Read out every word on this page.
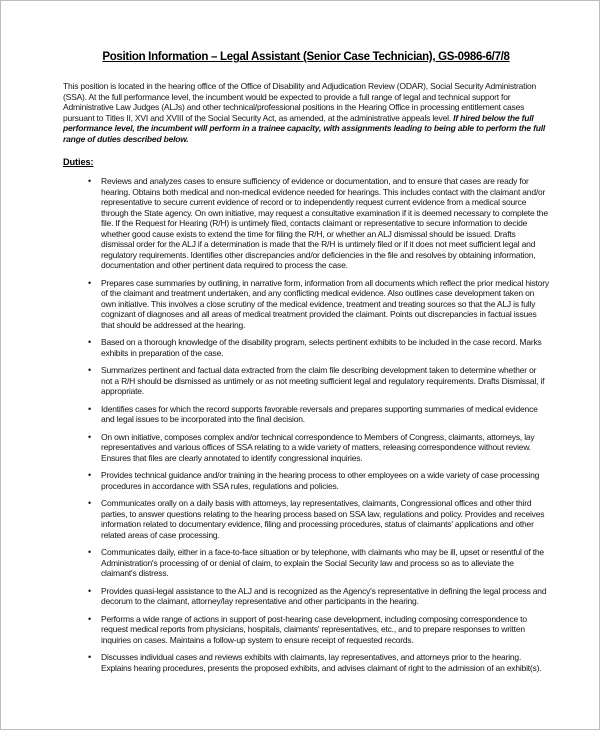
Position Information – Legal Assistant (Senior Case Technician), GS-0986-6/7/8

This position is located in the hearing office of the Office of Disability and Adjudication Review (ODAR), Social Security Administration (SSA). At the full performance level, the incumbent would be expected to provide a full range of legal and technical support for Administrative Law Judges (ALJs) and other technical/professional positions in the Hearing Office in processing entitlement cases pursuant to Titles II, XVI and XVIII of the Social Security Act, as amended, at the administrative appeals level. If hired below the full performance level, the incumbent will perform in a trainee capacity, with assignments leading to being able to perform the full range of duties described below.

Duties:
• Reviews and analyzes cases to ensure sufficiency of evidence or documentation, and to ensure that cases are ready for hearing. Obtains both medical and non-medical evidence needed for hearings. This includes contact with the claimant and/or representative to secure current evidence of record or to independently request current evidence from a medical source through the State agency. On own initiative, may request a consultative examination if it is deemed necessary to complete the file. If the Request for Hearing (R/H) is untimely filed, contacts claimant or representative to secure information to decide whether good cause exists to extend the time for filing the R/H, or whether an ALJ dismissal should be issued. Drafts dismissal order for the ALJ if a determination is made that the R/H is untimely filed or if it does not meet sufficient legal and regulatory requirements. Identifies other discrepancies and/or deficiencies in the file and resolves by obtaining information, documentation and other pertinent data required to process the case.
• Prepares case summaries by outlining, in narrative form, information from all documents which reflect the prior medical history of the claimant and treatment undertaken, and any conflicting medical evidence. Also outlines case development taken on own initiative. This involves a close scrutiny of the medical evidence, treatment and treating sources so that the ALJ is fully cognizant of diagnoses and all areas of medical treatment provided the claimant. Points out discrepancies in factual issues that should be addressed at the hearing.
• Based on a thorough knowledge of the disability program, selects pertinent exhibits to be included in the case record. Marks exhibits in preparation of the case.
• Summarizes pertinent and factual data extracted from the claim file describing development taken to determine whether or not a R/H should be dismissed as untimely or as not meeting sufficient legal and regulatory requirements. Drafts Dismissal, if appropriate.
• Identifies cases for which the record supports favorable reversals and prepares supporting summaries of medical evidence and legal issues to be incorporated into the final decision.
• On own initiative, composes complex and/or technical correspondence to Members of Congress, claimants, attorneys, lay representatives and various offices of SSA relating to a wide variety of matters, releasing correspondence without review. Ensures that files are clearly annotated to identify congressional inquiries.
• Provides technical guidance and/or training in the hearing process to other employees on a wide variety of case processing procedures in accordance with SSA rules, regulations and policies.
• Communicates orally on a daily basis with attorneys, lay representatives, claimants, Congressional offices and other third parties, to answer questions relating to the hearing process based on SSA law, regulations and policy. Provides and receives information related to documentary evidence, filing and processing procedures, status of claimants' applications and other related areas of case processing.
• Communicates daily, either in a face-to-face situation or by telephone, with claimants who may be ill, upset or resentful of the Administration's processing of or denial of claim, to explain the Social Security law and process so as to alleviate the claimant's distress.
• Provides quasi-legal assistance to the ALJ and is recognized as the Agency's representative in defining the legal process and decorum to the claimant, attorney/lay representative and other participants in the hearing.
• Performs a wide range of actions in support of post-hearing case development, including composing correspondence to request medical reports from physicians, hospitals, claimants' representatives, etc., and to prepare responses to written inquiries on cases. Maintains a follow-up system to ensure receipt of requested records.
• Discusses individual cases and reviews exhibits with claimants, lay representatives, and attorneys prior to the hearing. Explains hearing procedures, presents the proposed exhibits, and advises claimant of right to the admission of an exhibit(s).
